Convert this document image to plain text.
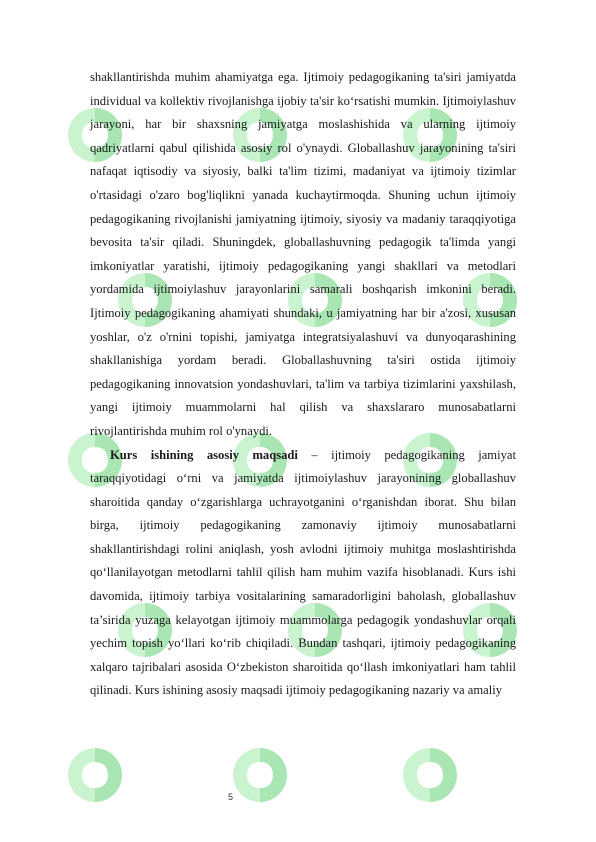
shakllantirishda muhim ahamiyatga ega. Ijtimoiy pedagogikaning ta'siri jamiyatda individual va kollektiv rivojlanishga ijobiy ta'sir ko‘rsatishi mumkin. Ijtimoiylashuv jarayoni, har bir shaxsning jamiyatga moslashishida va ularning ijtimoiy qadriyatlarni qabul qilishida asosiy rol o'ynaydi. Globallashuv jarayonining ta'siri nafaqat iqtisodiy va siyosiy, balki ta'lim tizimi, madaniyat va ijtimoiy tizimlar o'rtasidagi o'zaro bog'liqlikni yanada kuchaytirmoqda. Shuning uchun ijtimoiy pedagogikaning rivojlanishi jamiyatning ijtimoiy, siyosiy va madaniy taraqqiyotiga bevosita ta'sir qiladi. Shuningdek, globallashuvning pedagogik ta'limda yangi imkoniyatlar yaratishi, ijtimoiy pedagogikaning yangi shakllari va metodlari yordamida ijtimoiylashuv jarayonlarini samarali boshqarish imkonini beradi. Ijtimoiy pedagogikaning ahamiyati shundaki, u jamiyatning har bir a'zosi, xususan yoshlar, o'z o'rnini topishi, jamiyatga integratsiyalashuvi va dunyoqarashining shakllanishiga yordam beradi. Globallashuvning ta'siri ostida ijtimoiy pedagogikaning innovatsion yondashuvlari, ta'lim va tarbiya tizimlarini yaxshilash, yangi ijtimoiy muammolarni hal qilish va shaxslararo munosabatlarni rivojlantirishda muhim rol o'ynaydi.

Kurs ishining asosiy maqsadi – ijtimoiy pedagogikaning jamiyat taraqqiyotidagi o‘rni va jamiyatda ijtimoiylashuv jarayonining globallashuv sharoitida qanday o‘zgarishlarga uchrayotganini o‘rganishdan iborat. Shu bilan birga, ijtimoiy pedagogikaning zamonaviy ijtimoiy munosabatlarni shakllantirishdagi rolini aniqlash, yosh avlodni ijtimoiy muhitga moslashtirishda qo‘llanilayotgan metodlarni tahlil qilish ham muhim vazifa hisoblanadi. Kurs ishi davomida, ijtimoiy tarbiya vositalarining samaradorligini baholash, globallashuv ta’sirida yuzaga kelayotgan ijtimoiy muammolarga pedagogik yondashuvlar orqali yechim topish yo‘llari ko‘rib chiqiladi. Bundan tashqari, ijtimoiy pedagogikaning xalqaro tajribalari asosida O‘zbekiston sharoitida qo‘llash imkoniyatlari ham tahlil qilinadi. Kurs ishining asosiy maqsadi ijtimoiy pedagogikaning nazariy va amaliy

5
